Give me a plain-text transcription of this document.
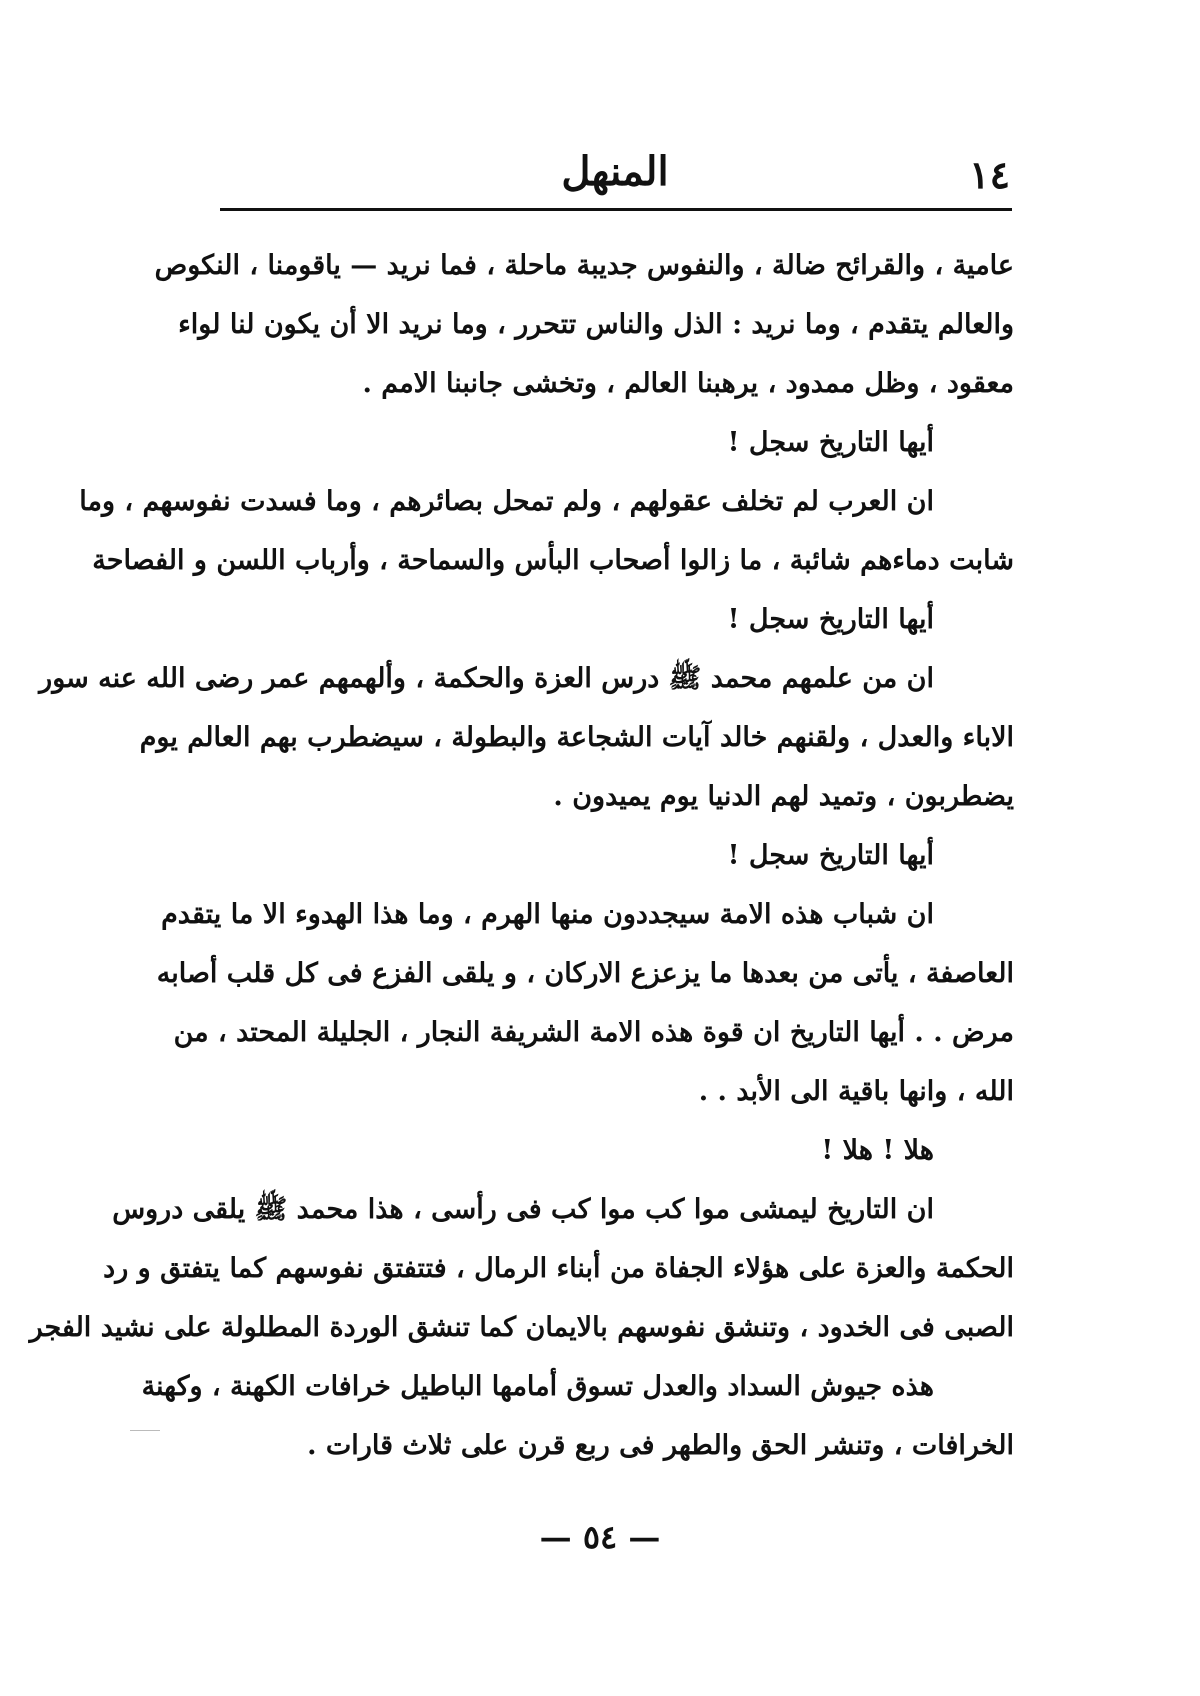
١٤
المنهل
عامية ، والقرائح ضالة ، والنفوس جديبة ماحلة ، فما نريد — ياقومنا ، النكوص
والعالم يتقدم ، وما نريد : الذل والناس تتحرر ، وما نريد الا أن يكون لنا لواء
معقود ، وظل ممدود ، يرهبنا العالم ، وتخشى جانبنا الامم .
أيها التاريخ سجل !
ان العرب لم تخلف عقولهم ، ولم تمحل بصائرهم ، وما فسدت نفوسهم ، وما
شابت دماءهم شائبة ، ما زالوا أصحاب البأس والسماحة ، وأرباب اللسن و الفصاحة
أيها التاريخ سجل !
ان من علمهم محمد ﷺ درس العزة والحكمة ، وألهمهم عمر رضى الله عنه سور
الاباء والعدل ، ولقنهم خالد آيات الشجاعة والبطولة ، سيضطرب بهم العالم يوم
يضطربون ، وتميد لهم الدنيا يوم يميدون .
أيها التاريخ سجل !
ان شباب هذه الامة سيجددون منها الهرم ، وما هذا الهدوء الا ما يتقدم
العاصفة ، يأتى من بعدها ما يزعزع الاركان ، و يلقى الفزع فى كل قلب أصابه
مرض . . أيها التاريخ ان قوة هذه الامة الشريفة النجار ، الجليلة المحتد ، من
الله ، وانها باقية الى الأبد . .
هلا ! هلا !
ان التاريخ ليمشى موا كب موا كب فى رأسى ، هذا محمد ﷺ يلقى دروس
الحكمة والعزة على هؤلاء الجفاة من أبناء الرمال ، فتتفتق نفوسهم كما يتفتق و رد
الصبى فى الخدود ، وتنشق نفوسهم بالايمان كما تنشق الوردة المطلولة على نشيد الفجر
هذه جيوش السداد والعدل تسوق أمامها الباطيل خرافات الكهنة ، وكهنة
الخرافات ، وتنشر الحق والطهر فى ربع قرن على ثلاث قارات .
— ٥٤ —
